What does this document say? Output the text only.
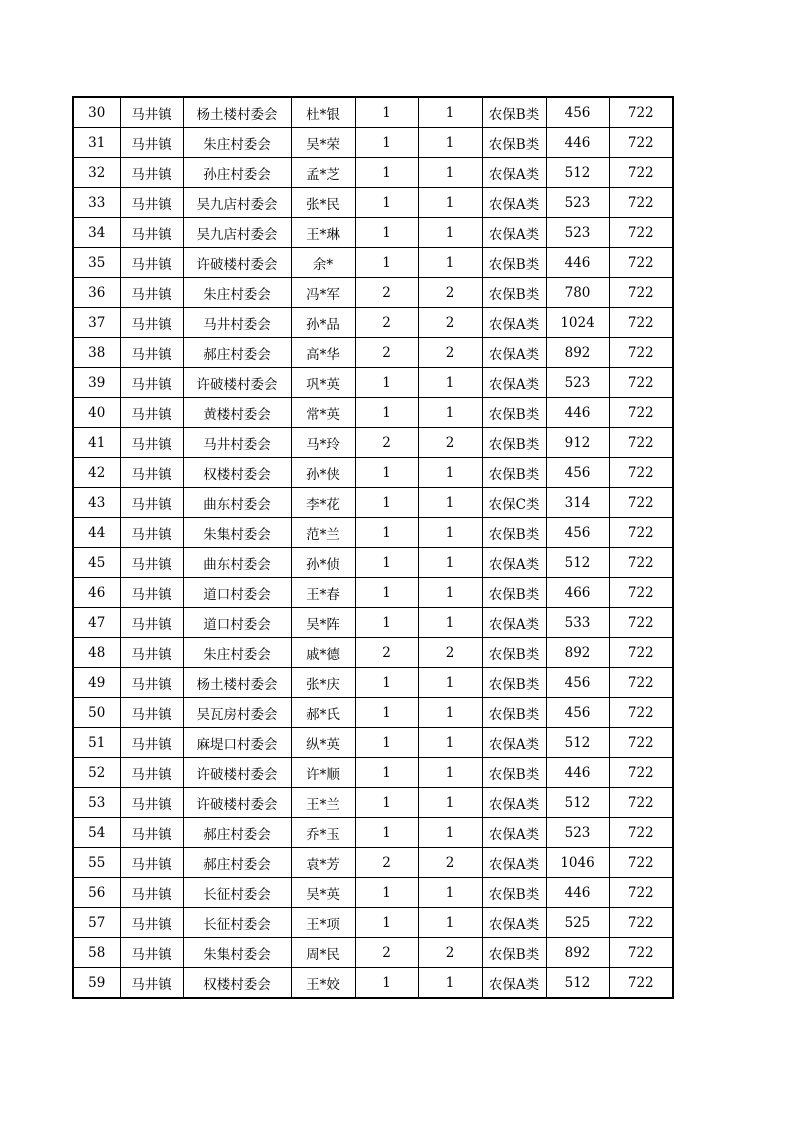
30	马井镇	杨土楼村委会	杜*银	1	1	农保B类	456	722
31	马井镇	朱庄村委会	吴*荣	1	1	农保B类	446	722
32	马井镇	孙庄村委会	孟*芝	1	1	农保A类	512	722
33	马井镇	吴九店村委会	张*民	1	1	农保A类	523	722
34	马井镇	吴九店村委会	王*琳	1	1	农保A类	523	722
35	马井镇	许破楼村委会	余*	1	1	农保B类	446	722
36	马井镇	朱庄村委会	冯*军	2	2	农保B类	780	722
37	马井镇	马井村委会	孙*品	2	2	农保A类	1024	722
38	马井镇	郝庄村委会	高*华	2	2	农保A类	892	722
39	马井镇	许破楼村委会	巩*英	1	1	农保A类	523	722
40	马井镇	黄楼村委会	常*英	1	1	农保B类	446	722
41	马井镇	马井村委会	马*玲	2	2	农保B类	912	722
42	马井镇	权楼村委会	孙*侠	1	1	农保B类	456	722
43	马井镇	曲东村委会	李*花	1	1	农保C类	314	722
44	马井镇	朱集村委会	范*兰	1	1	农保B类	456	722
45	马井镇	曲东村委会	孙*侦	1	1	农保A类	512	722
46	马井镇	道口村委会	王*春	1	1	农保B类	466	722
47	马井镇	道口村委会	吴*阵	1	1	农保A类	533	722
48	马井镇	朱庄村委会	戚*德	2	2	农保B类	892	722
49	马井镇	杨土楼村委会	张*庆	1	1	农保B类	456	722
50	马井镇	吴瓦房村委会	郝*氏	1	1	农保B类	456	722
51	马井镇	麻堤口村委会	纵*英	1	1	农保A类	512	722
52	马井镇	许破楼村委会	许*顺	1	1	农保B类	446	722
53	马井镇	许破楼村委会	王*兰	1	1	农保A类	512	722
54	马井镇	郝庄村委会	乔*玉	1	1	农保A类	523	722
55	马井镇	郝庄村委会	袁*芳	2	2	农保A类	1046	722
56	马井镇	长征村委会	吴*英	1	1	农保B类	446	722
57	马井镇	长征村委会	王*项	1	1	农保A类	525	722
58	马井镇	朱集村委会	周*民	2	2	农保B类	892	722
59	马井镇	权楼村委会	王*姣	1	1	农保A类	512	722
